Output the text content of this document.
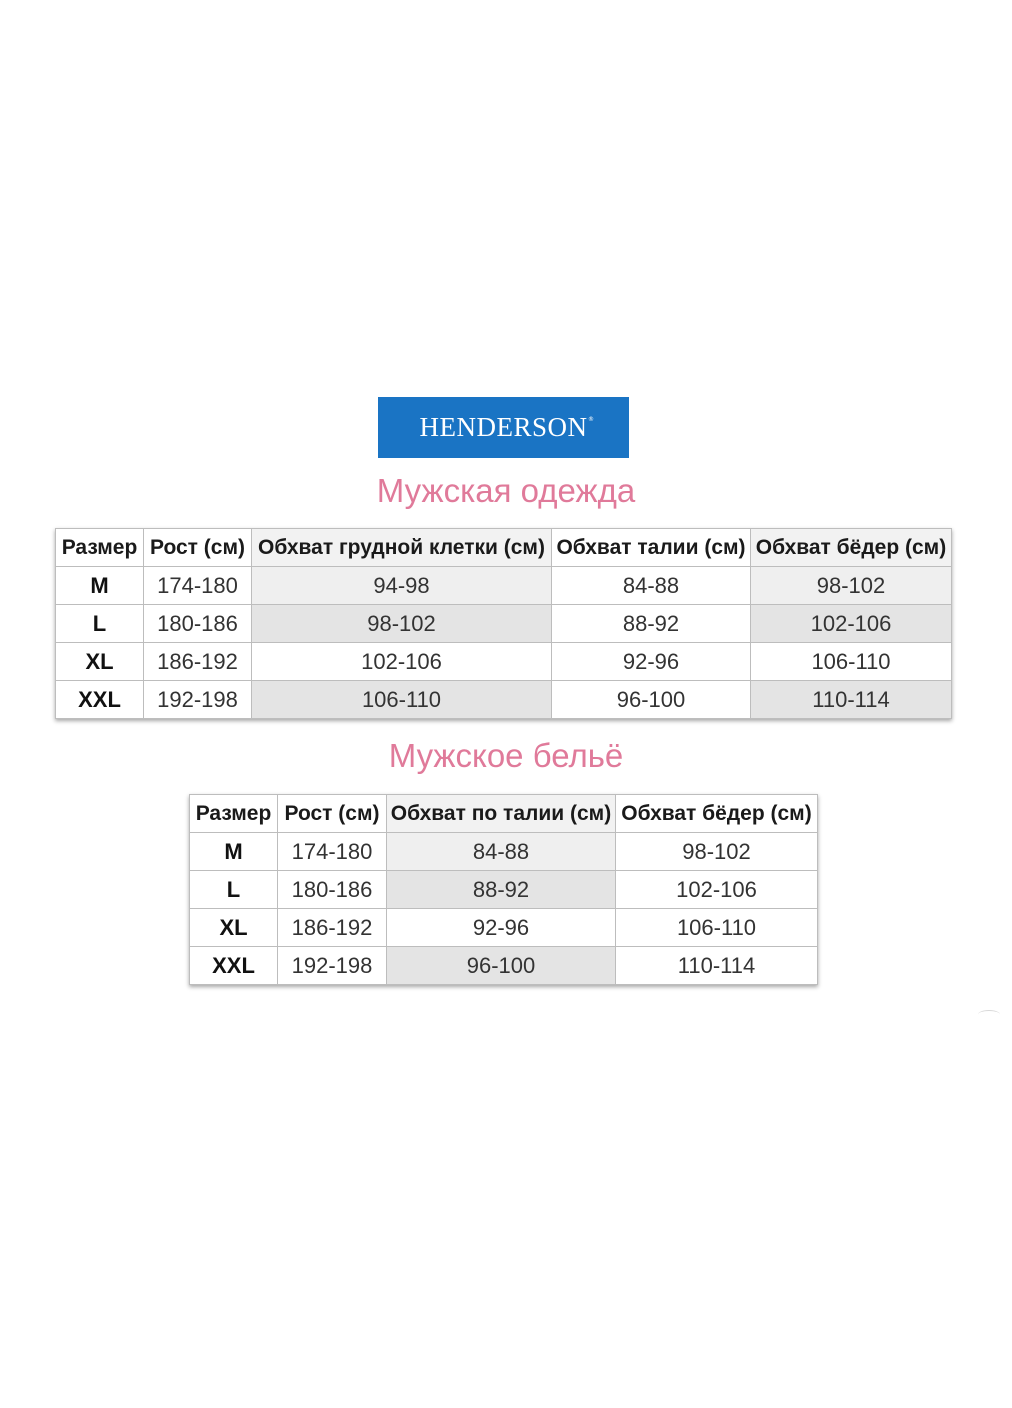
HENDERSON ®
Мужская одежда
Размер	Рост (см)	Обхват грудной клетки (см)	Обхват талии (см)	Обхват бёдер (см)
M	174-180	94-98	84-88	98-102
L	180-186	98-102	88-92	102-106
XL	186-192	102-106	92-96	106-110
XXL	192-198	106-110	96-100	110-114
Мужское бельё
Размер	Рост (см)	Обхват по талии (см)	Обхват бёдер (см)
M	174-180	84-88	98-102
L	180-186	88-92	102-106
XL	186-192	92-96	106-110
XXL	192-198	96-100	110-114
